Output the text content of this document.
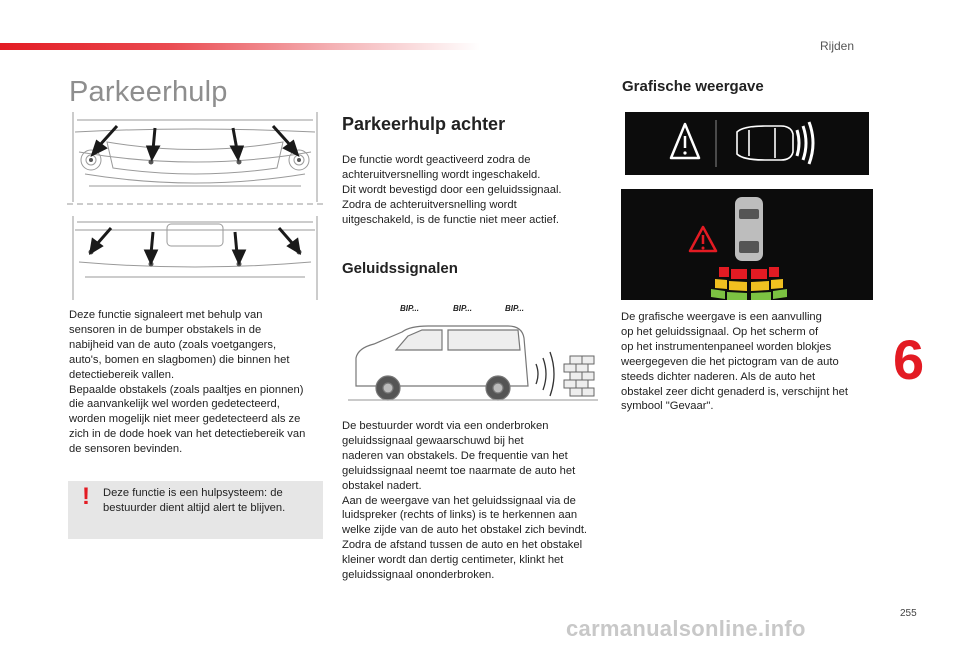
Rijden
Parkeerhulp
Deze functie signaleert met behulp van
sensoren in de bumper obstakels in de
nabijheid van de auto (zoals voetgangers,
auto's, bomen en slagbomen) die binnen het
detectiebereik vallen.
Bepaalde obstakels (zoals paaltjes en pionnen)
die aanvankelijk wel worden gedetecteerd,
worden mogelijk niet meer gedetecteerd als ze
zich in de dode hoek van het detectiebereik van
de sensoren bevinden.
! Deze functie is een hulpsysteem: de
bestuurder dient altijd alert te blijven.
Parkeerhulp achter
De functie wordt geactiveerd zodra de
achteruitversnelling wordt ingeschakeld.
Dit wordt bevestigd door een geluidssignaal.
Zodra de achteruitversnelling wordt
uitgeschakeld, is de functie niet meer actief.
Geluidssignalen
BIP...	BIP...	BIP...
De bestuurder wordt via een onderbroken
geluidssignaal gewaarschuwd bij het
naderen van obstakels. De frequentie van het
geluidssignaal neemt toe naarmate de auto het
obstakel nadert.
Aan de weergave van het geluidssignaal via de
luidspreker (rechts of links) is te herkennen aan
welke zijde van de auto het obstakel zich bevindt.
Zodra de afstand tussen de auto en het obstakel
kleiner wordt dan dertig centimeter, klinkt het
geluidssignaal ononderbroken.
Grafische weergave
De grafische weergave is een aanvulling
op het geluidssignaal. Op het scherm of
op het instrumentenpaneel worden blokjes
weergegeven die het pictogram van de auto
steeds dichter naderen. Als de auto het
obstakel zeer dicht genaderd is, verschijnt het
symbool "Gevaar".
6
255
carmanualsonline.info
